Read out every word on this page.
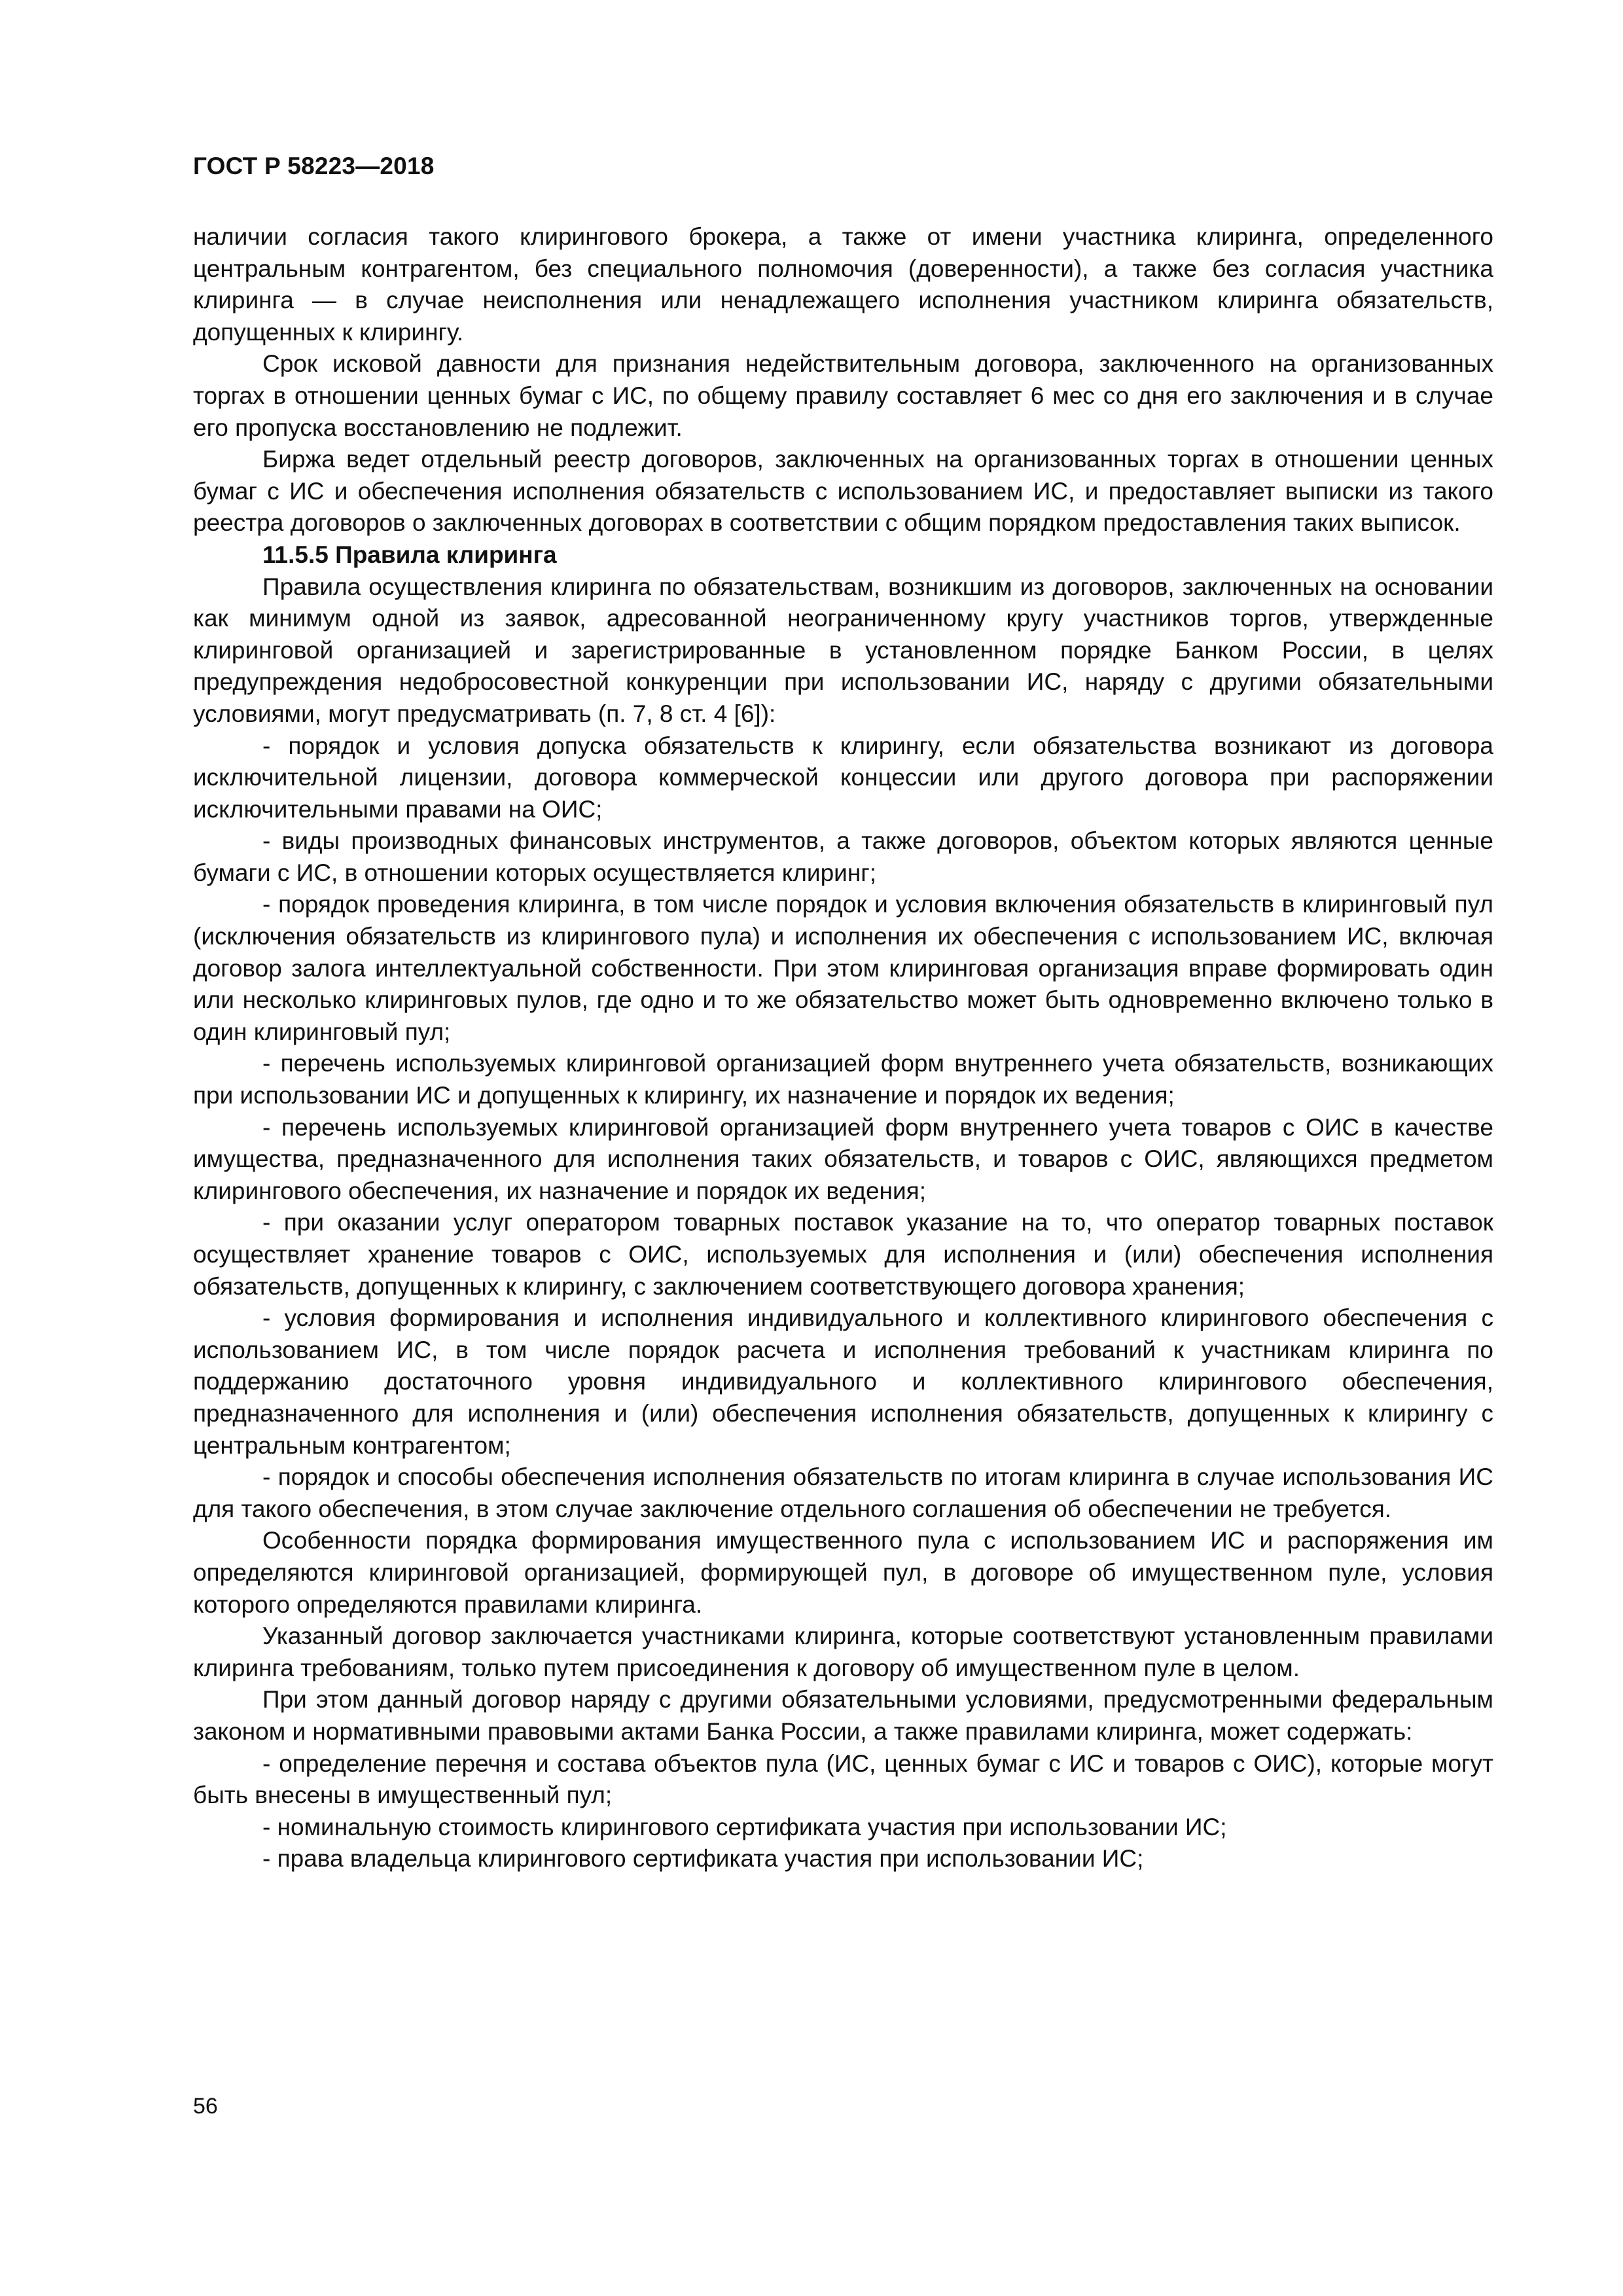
ГОСТ Р 58223—2018

наличии согласия такого клирингового брокера, а также от имени участника клиринга, определенного центральным контрагентом, без специального полномочия (доверенности), а также без согласия участника клиринга — в случае неисполнения или ненадлежащего исполнения участником клиринга обязательств, допущенных к клирингу.

Срок исковой давности для признания недействительным договора, заключенного на организованных торгах в отношении ценных бумаг с ИС, по общему правилу составляет 6 мес со дня его заключения и в случае его пропуска восстановлению не подлежит.

Биржа ведет отдельный реестр договоров, заключенных на организованных торгах в отношении ценных бумаг с ИС и обеспечения исполнения обязательств с использованием ИС, и предоставляет выписки из такого реестра договоров о заключенных договорах в соответствии с общим порядком предоставления таких выписок.

11.5.5 Правила клиринга

Правила осуществления клиринга по обязательствам, возникшим из договоров, заключенных на основании как минимум одной из заявок, адресованной неограниченному кругу участников торгов, утвержденные клиринговой организацией и зарегистрированные в установленном порядке Банком России, в целях предупреждения недобросовестной конкуренции при использовании ИС, наряду с другими обязательными условиями, могут предусматривать (п. 7, 8 ст. 4 [6]):

- порядок и условия допуска обязательств к клирингу, если обязательства возникают из договора исключительной лицензии, договора коммерческой концессии или другого договора при распоряжении исключительными правами на ОИС;

- виды производных финансовых инструментов, а также договоров, объектом которых являются ценные бумаги с ИС, в отношении которых осуществляется клиринг;

- порядок проведения клиринга, в том числе порядок и условия включения обязательств в клиринговый пул (исключения обязательств из клирингового пула) и исполнения их обеспечения с использованием ИС, включая договор залога интеллектуальной собственности. При этом клиринговая организация вправе формировать один или несколько клиринговых пулов, где одно и то же обязательство может быть одновременно включено только в один клиринговый пул;

- перечень используемых клиринговой организацией форм внутреннего учета обязательств, возникающих при использовании ИС и допущенных к клирингу, их назначение и порядок их ведения;

- перечень используемых клиринговой организацией форм внутреннего учета товаров с ОИС в качестве имущества, предназначенного для исполнения таких обязательств, и товаров с ОИС, являющихся предметом клирингового обеспечения, их назначение и порядок их ведения;

- при оказании услуг оператором товарных поставок указание на то, что оператор товарных поставок осуществляет хранение товаров с ОИС, используемых для исполнения и (или) обеспечения исполнения обязательств, допущенных к клирингу, с заключением соответствующего договора хранения;

- условия формирования и исполнения индивидуального и коллективного клирингового обеспечения с использованием ИС, в том числе порядок расчета и исполнения требований к участникам клиринга по поддержанию достаточного уровня индивидуального и коллективного клирингового обеспечения, предназначенного для исполнения и (или) обеспечения исполнения обязательств, допущенных к клирингу с центральным контрагентом;

- порядок и способы обеспечения исполнения обязательств по итогам клиринга в случае использования ИС для такого обеспечения, в этом случае заключение отдельного соглашения об обеспечении не требуется.

Особенности порядка формирования имущественного пула с использованием ИС и распоряжения им определяются клиринговой организацией, формирующей пул, в договоре об имущественном пуле, условия которого определяются правилами клиринга.

Указанный договор заключается участниками клиринга, которые соответствуют установленным правилами клиринга требованиям, только путем присоединения к договору об имущественном пуле в целом.

При этом данный договор наряду с другими обязательными условиями, предусмотренными федеральным законом и нормативными правовыми актами Банка России, а также правилами клиринга, может содержать:

- определение перечня и состава объектов пула (ИС, ценных бумаг с ИС и товаров с ОИС), которые могут быть внесены в имущественный пул;

- номинальную стоимость клирингового сертификата участия при использовании ИС;

- права владельца клирингового сертификата участия при использовании ИС;

56
